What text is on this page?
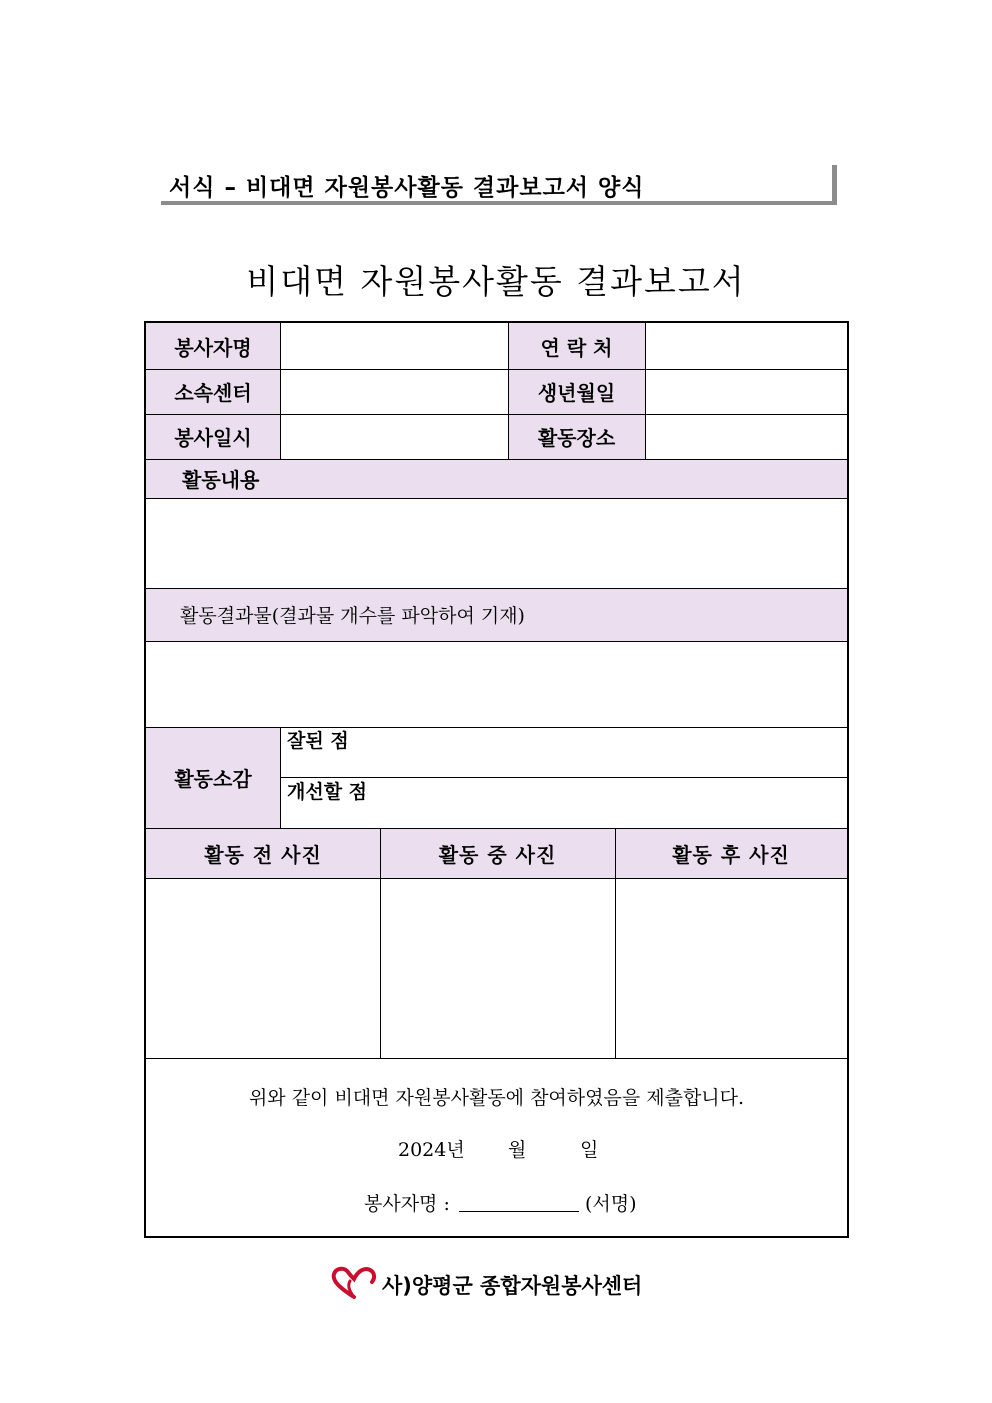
서식 – 비대면 자원봉사활동 결과보고서 양식
비대면 자원봉사활동 결과보고서
봉사자명	연 락 처
소속센터	생년월일
봉사일시	활동장소
활동내용
활동결과물(결과물 개수를 파악하여 기재)
활동소감
잘된 점
개선할 점
활동 전 사진	활동 중 사진	활동 후 사진
위와 같이 비대면 자원봉사활동에 참여하였음을 제출합니다.
2024년 월	일
봉사자명 :	(서명)
사)양평군 종합자원봉사센터
